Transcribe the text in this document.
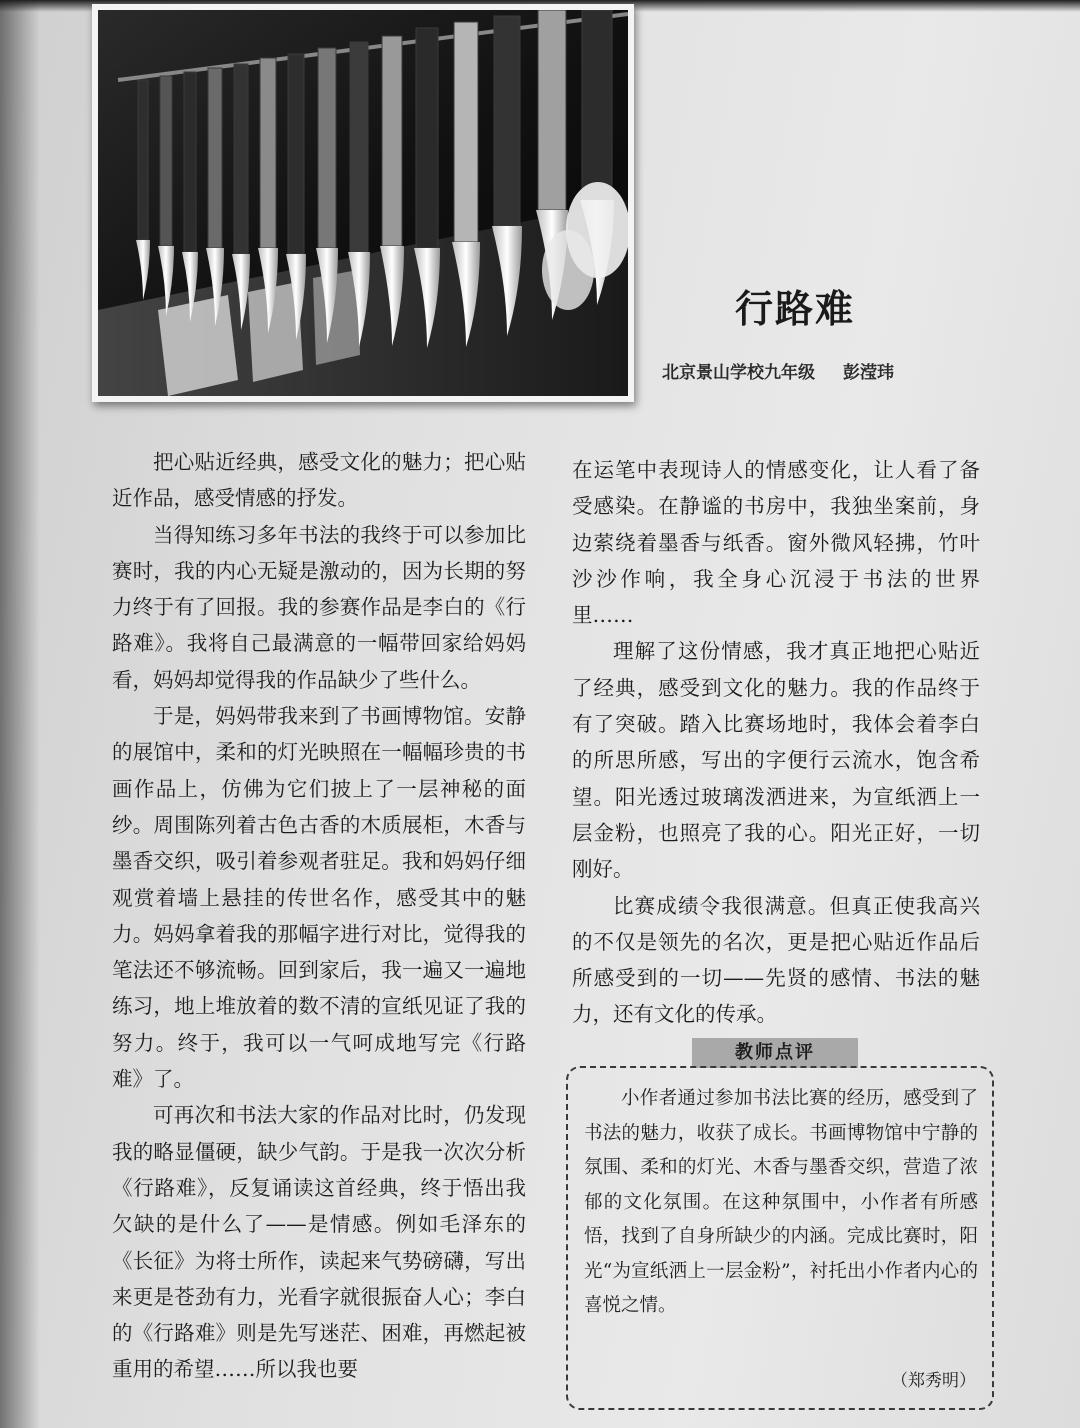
行路难
北京景山学校九年级 彭滢玮

把心贴近经典，感受文化的魅力；把心贴近作品，感受情感的抒发。

当得知练习多年书法的我终于可以参加比赛时，我的内心无疑是激动的，因为长期的努力终于有了回报。我的参赛作品是李白的《行路难》。我将自己最满意的一幅带回家给妈妈看，妈妈却觉得我的作品缺少了些什么。

于是，妈妈带我来到了书画博物馆。安静的展馆中，柔和的灯光映照在一幅幅珍贵的书画作品上，仿佛为它们披上了一层神秘的面纱。周围陈列着古色古香的木质展柜，木香与墨香交织，吸引着参观者驻足。我和妈妈仔细观赏着墙上悬挂的传世名作，感受其中的魅力。妈妈拿着我的那幅字进行对比，觉得我的笔法还不够流畅。回到家后，我一遍又一遍地练习，地上堆放着的数不清的宣纸见证了我的努力。终于，我可以一气呵成地写完《行路难》了。

可再次和书法大家的作品对比时，仍发现我的略显僵硬，缺少气韵。于是我一次次分析《行路难》，反复诵读这首经典，终于悟出我欠缺的是什么了——是情感。例如毛泽东的《长征》为将士所作，读起来气势磅礴，写出来更是苍劲有力，光看字就很振奋人心；李白的《行路难》则是先写迷茫、困难，再燃起被重用的希望……所以我也要

在运笔中表现诗人的情感变化，让人看了备受感染。在静谧的书房中，我独坐案前，身边萦绕着墨香与纸香。窗外微风轻拂，竹叶沙沙作响，我全身心沉浸于书法的世界里……

理解了这份情感，我才真正地把心贴近了经典，感受到文化的魅力。我的作品终于有了突破。踏入比赛场地时，我体会着李白的所思所感，写出的字便行云流水，饱含希望。阳光透过玻璃泼洒进来，为宣纸洒上一层金粉，也照亮了我的心。阳光正好，一切刚好。

比赛成绩令我很满意。但真正使我高兴的不仅是领先的名次，更是把心贴近作品后所感受到的一切——先贤的感情、书法的魅力，还有文化的传承。

教师点评

小作者通过参加书法比赛的经历，感受到了书法的魅力，收获了成长。书画博物馆中宁静的氛围、柔和的灯光、木香与墨香交织，营造了浓郁的文化氛围。在这种氛围中，小作者有所感悟，找到了自身所缺少的内涵。完成比赛时，阳光“为宣纸洒上一层金粉”，衬托出小作者内心的喜悦之情。

（郑秀明）
